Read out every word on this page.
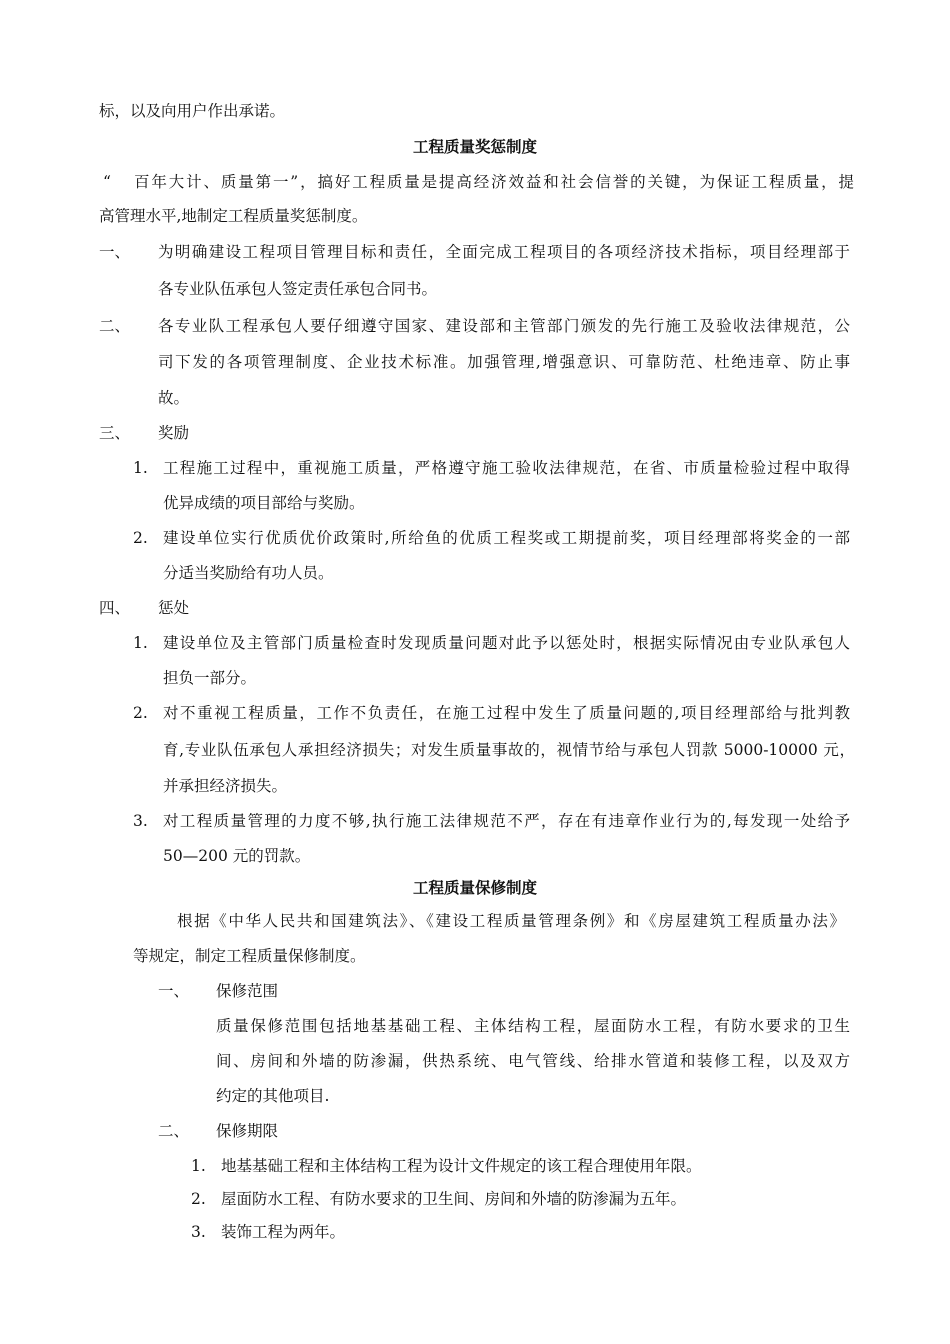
标，以及向用户作出承诺。
工程质量奖惩制度
“ 百年大计、质量第一”，搞好工程质量是提高经济效益和社会信誉的关键，为保证工程质量，提
高管理水平,地制定工程质量奖惩制度。
一、 为明确建设工程项目管理目标和责任，全面完成工程项目的各项经济技术指标，项目经理部于
各专业队伍承包人签定责任承包合同书。
二、 各专业队工程承包人要仔细遵守国家、建设部和主管部门颁发的先行施工及验收法律规范，公
司下发的各项管理制度、企业技术标准。加强管理,增强意识、可靠防范、杜绝违章、防止事
故。
三、 奖励
1. 工程施工过程中，重视施工质量，严格遵守施工验收法律规范，在省、市质量检验过程中取得
优异成绩的项目部给与奖励。
2. 建设单位实行优质优价政策时,所给鱼的优质工程奖或工期提前奖，项目经理部将奖金的一部
分适当奖励给有功人员。
四、 惩处
1. 建设单位及主管部门质量检查时发现质量问题对此予以惩处时，根据实际情况由专业队承包人
担负一部分。
2. 对不重视工程质量，工作不负责任，在施工过程中发生了质量问题的,项目经理部给与批判教
育,专业队伍承包人承担经济损失；对发生质量事故的，视情节给与承包人罚款 5000-10000 元，
并承担经济损失。
3. 对工程质量管理的力度不够,执行施工法律规范不严，存在有违章作业行为的,每发现一处给予
50—200 元的罚款。
工程质量保修制度
根据《中华人民共和国建筑法》、《建设工程质量管理条例》和《房屋建筑工程质量办法》
等规定，制定工程质量保修制度。
一、 保修范围
质量保修范围包括地基基础工程、主体结构工程，屋面防水工程，有防水要求的卫生
间、房间和外墙的防渗漏，供热系统、电气管线、给排水管道和装修工程，以及双方
约定的其他项目.
二、 保修期限
1. 地基基础工程和主体结构工程为设计文件规定的该工程合理使用年限。
2. 屋面防水工程、有防水要求的卫生间、房间和外墙的防渗漏为五年。
3. 装饰工程为两年。
